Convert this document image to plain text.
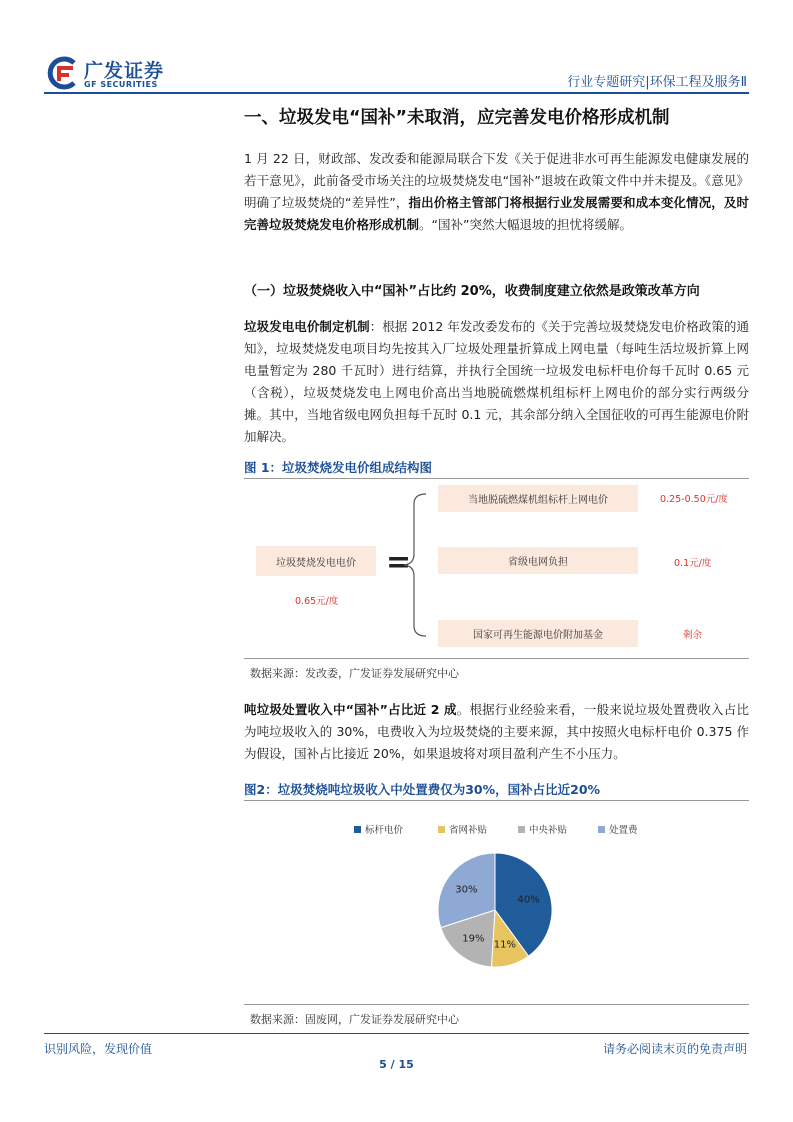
广发证券
GF SECURITIES	行业专题研究|环保工程及服务Ⅱ
一、垃圾发电“国补”未取消，应完善发电价格形成机制
1 月 22 日，财政部、发改委和能源局联合下发《关于促进非水可再生能源发电健康发展的若干意见》，此前备受市场关注的垃圾焚烧发电“国补”退坡在政策文件中并未提及。《意见》明确了垃圾焚烧的“差异性”，指出价格主管部门将根据行业发展需要和成本变化情况，及时完善垃圾焚烧发电价格形成机制。“国补”突然大幅退坡的担忧将缓解。
（一）垃圾焚烧收入中“国补”占比约 20%，收费制度建立依然是政策改革方向
垃圾发电电价制定机制：根据 2012 年发改委发布的《关于完善垃圾焚烧发电价格政策的通知》，垃圾焚烧发电项目均先按其入厂垃圾处理量折算成上网电量（每吨生活垃圾折算上网电量暂定为 280 千瓦时）进行结算，并执行全国统一垃圾发电标杆电价每千瓦时 0.65 元（含税），垃圾焚烧发电上网电价高出当地脱硫燃煤机组标杆上网电价的部分实行两级分摊。其中，当地省级电网负担每千瓦时 0.1 元，其余部分纳入全国征收的可再生能源电价附加解决。
图 1：垃圾焚烧发电价组成结构图
垃圾焚烧发电电价
0.65元/度
=
当地脱硫燃煤机组标杆上网电价	0.25-0.50元/度
省级电网负担	0.1元/度
国家可再生能源电价附加基金	剩余
数据来源：发改委，广发证券发展研究中心
吨垃圾处置收入中“国补”占比近 2 成。根据行业经验来看，一般来说垃圾处置费收入占比为吨垃圾收入的 30%，电费收入为垃圾焚烧的主要来源，其中按照火电标杆电价 0.375 作为假设，国补占比接近 20%，如果退坡将对项目盈利产生不小压力。
图2：垃圾焚烧吨垃圾收入中处置费仅为30%，国补占比近20%
标杆电价	省网补贴	中央补贴	处置费
40%
11%
19%
30%
数据来源：固废网，广发证券发展研究中心
识别风险，发现价值	请务必阅读末页的免责声明
5 / 15
